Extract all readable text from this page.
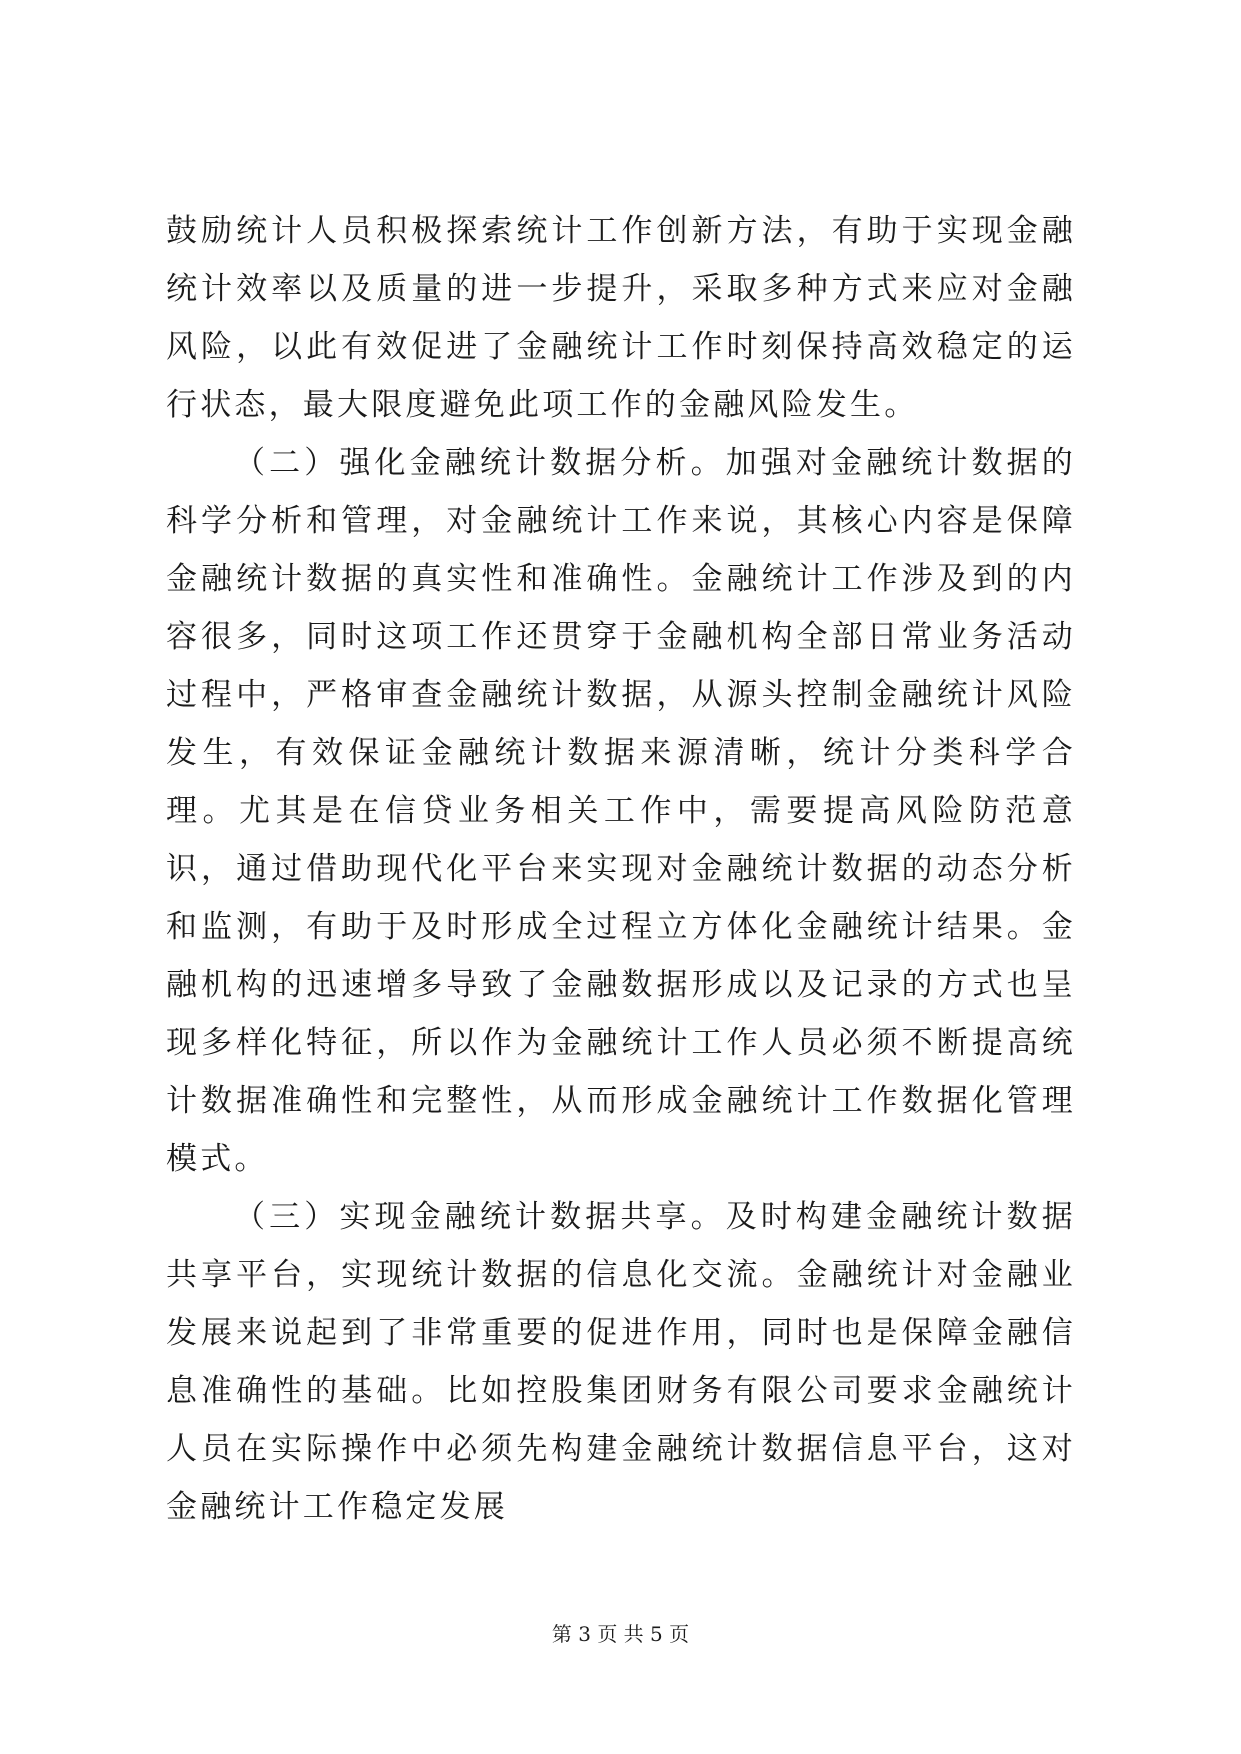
鼓励统计人员积极探索统计工作创新方法，有助于实现金融统计效率以及质量的进一步提升，采取多种方式来应对金融风险，以此有效促进了金融统计工作时刻保持高效稳定的运行状态，最大限度避免此项工作的金融风险发生。

（二）强化金融统计数据分析。加强对金融统计数据的科学分析和管理，对金融统计工作来说，其核心内容是保障金融统计数据的真实性和准确性。金融统计工作涉及到的内容很多，同时这项工作还贯穿于金融机构全部日常业务活动过程中，严格审查金融统计数据，从源头控制金融统计风险发生，有效保证金融统计数据来源清晰，统计分类科学合理。尤其是在信贷业务相关工作中，需要提高风险防范意识，通过借助现代化平台来实现对金融统计数据的动态分析和监测，有助于及时形成全过程立方体化金融统计结果。金融机构的迅速增多导致了金融数据形成以及记录的方式也呈现多样化特征，所以作为金融统计工作人员必须不断提高统计数据准确性和完整性，从而形成金融统计工作数据化管理模式。

（三）实现金融统计数据共享。及时构建金融统计数据共享平台，实现统计数据的信息化交流。金融统计对金融业发展来说起到了非常重要的促进作用，同时也是保障金融信息准确性的基础。比如控股集团财务有限公司要求金融统计人员在实际操作中必须先构建金融统计数据信息平台，这对金融统计工作稳定发展

第 3 页 共 5 页
